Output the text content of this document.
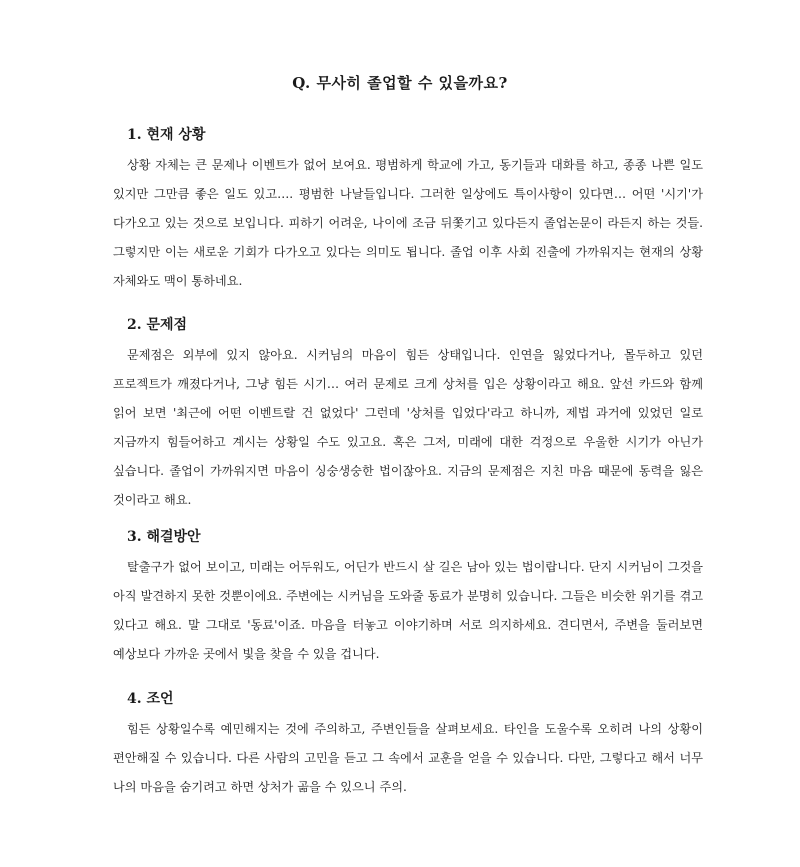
Q. 무사히 졸업할 수 있을까요?
1. 현재 상황

상황 자체는 큰 문제나 이벤트가 없어 보여요. 평범하게 학교에 가고, 동기들과 대화를 하고, 종종 나쁜 일도 있지만 그만큼 좋은 일도 있고…. 평범한 나날들입니다. 그러한 일상에도 특이사항이 있다면… 어떤 '시기'가 다가오고 있는 것으로 보입니다. 피하기 어려운, 나이에 조금 뒤쫓기고 있다든지 졸업논문이 라든지 하는 것들. 그렇지만 이는 새로운 기회가 다가오고 있다는 의미도 됩니다. 졸업 이후 사회 진출에 가까워지는 현재의 상황 자체와도 맥이 통하네요.

2. 문제점

문제점은 외부에 있지 않아요. 시커님의 마음이 힘든 상태입니다. 인연을 잃었다거나, 몰두하고 있던 프로젝트가 깨졌다거나, 그냥 힘든 시기… 여러 문제로 크게 상처를 입은 상황이라고 해요. 앞선 카드와 함께 읽어 보면 '최근에 어떤 이벤트랄 건 없었다' 그런데 '상처를 입었다'라고 하니까, 제법 과거에 있었던 일로 지금까지 힘들어하고 계시는 상황일 수도 있고요. 혹은 그저, 미래에 대한 걱정으로 우울한 시기가 아닌가 싶습니다. 졸업이 가까워지면 마음이 싱숭생숭한 법이잖아요. 지금의 문제점은 지친 마음 때문에 동력을 잃은 것이라고 해요.

3. 해결방안

탈출구가 없어 보이고, 미래는 어두워도, 어딘가 반드시 살 길은 남아 있는 법이랍니다. 단지 시커님이 그것을 아직 발견하지 못한 것뿐이에요. 주변에는 시커님을 도와줄 동료가 분명히 있습니다. 그들은 비슷한 위기를 겪고 있다고 해요. 말 그대로 '동료'이죠. 마음을 터놓고 이야기하며 서로 의지하세요. 견디면서, 주변을 둘러보면 예상보다 가까운 곳에서 빛을 찾을 수 있을 겁니다.

4. 조언

힘든 상황일수록 예민해지는 것에 주의하고, 주변인들을 살펴보세요. 타인을 도울수록 오히려 나의 상황이 편안해질 수 있습니다. 다른 사람의 고민을 듣고 그 속에서 교훈을 얻을 수 있습니다. 다만, 그렇다고 해서 너무 나의 마음을 숨기려고 하면 상처가 곪을 수 있으니 주의.
